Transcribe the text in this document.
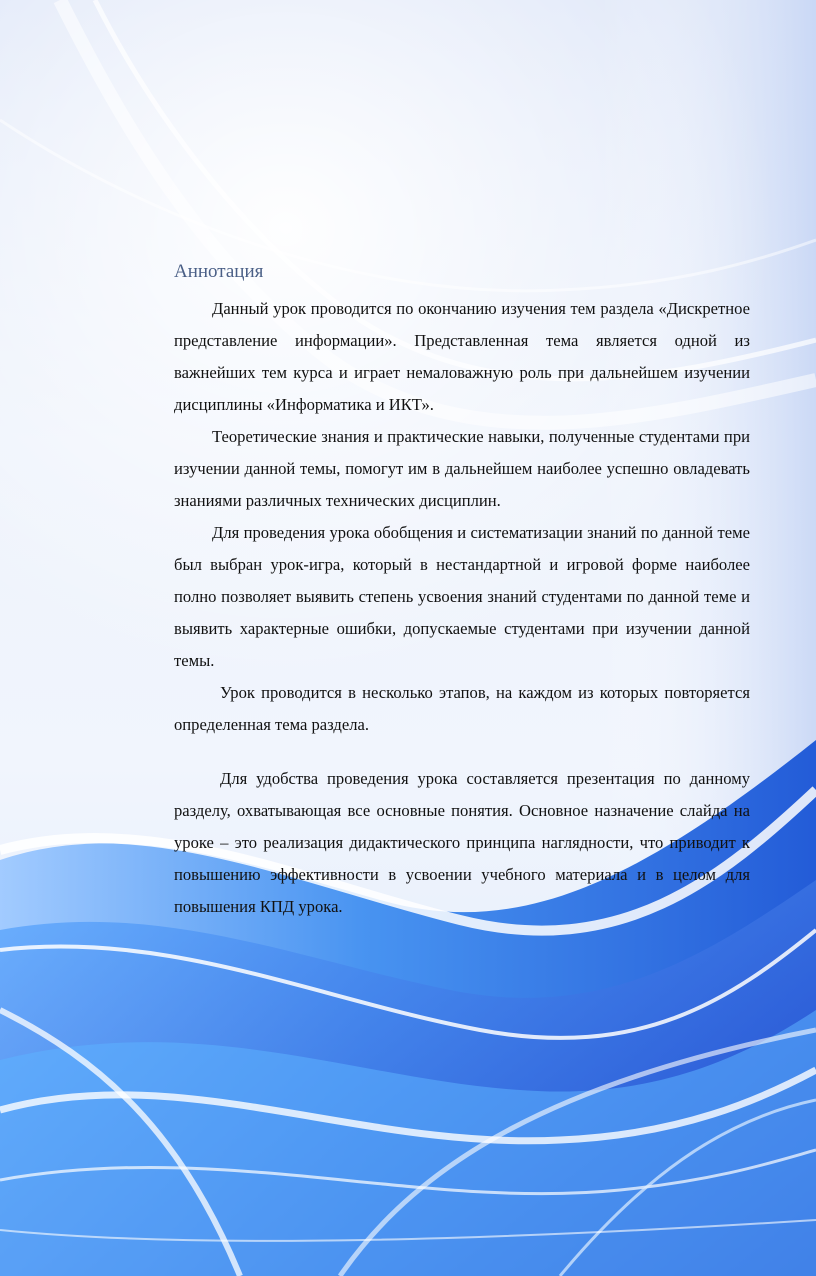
Аннотация

Данный урок проводится по окончанию изучения тем раздела «Дискретное представление информации». Представленная тема является одной из важнейших тем курса и играет немаловажную роль при дальнейшем изучении дисциплины «Информатика и ИКТ».

Теоретические знания и практические навыки, полученные студентами при изучении данной темы, помогут им в дальнейшем наиболее успешно овладевать знаниями различных технических дисциплин.

Для проведения урока обобщения и систематизации знаний по данной теме был выбран урок-игра, который в нестандартной и игровой форме наиболее полно позволяет выявить степень усвоения знаний студентами по данной теме и выявить характерные ошибки, допускаемые студентами при изучении данной темы.

Урок проводится в несколько этапов, на каждом из которых повторяется определенная тема раздела.

Для удобства проведения урока составляется презентация по данному разделу, охватывающая все основные понятия. Основное назначение слайда на уроке – это реализация дидактического принципа наглядности, что приводит к повышению эффективности в усвоении учебного материала и в целом для повышения КПД урока.
